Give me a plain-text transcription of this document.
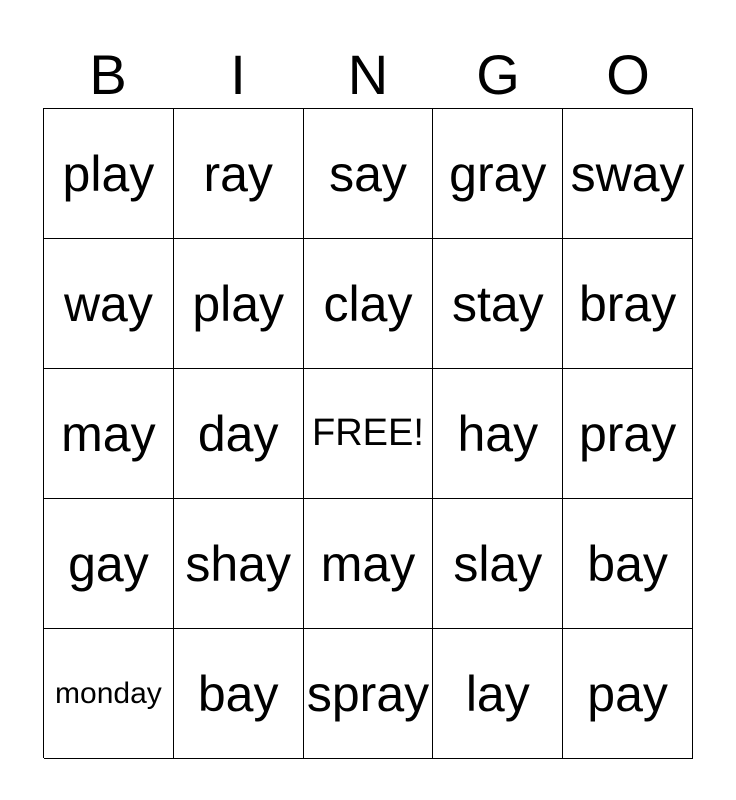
B	I	N	G	O
play ray	say gray sway
way play clay stay bray
may day FREE! hay pray
gay shay may slay bay
monday bay spray lay	pay
